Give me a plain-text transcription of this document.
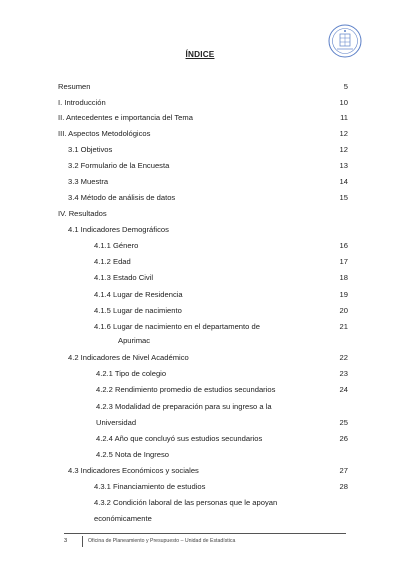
ÍNDICE
Resumen	5
I. Introducción	10
II. Antecedentes e importancia del Tema	11
III. Aspectos Metodológicos	12
3.1 Objetivos	12
3.2 Formulario de la Encuesta	13
3.3 Muestra	14
3.4 Método de análisis de datos	15
IV. Resultados
4.1 Indicadores Demográficos
4.1.1 Género	16
4.1.2 Edad	17
4.1.3 Estado Civil	18
4.1.4 Lugar de Residencia	19
4.1.5 Lugar de nacimiento	20
4.1.6 Lugar de nacimiento en el departamento de	21
Apurimac
4.2 Indicadores de Nivel Académico	22
4.2.1 Tipo de colegio	23
4.2.2 Rendimiento promedio de estudios secundarios	24
4.2.3 Modalidad de preparación para su ingreso a la
Universidad	25
4.2.4 Año que concluyó sus estudios secundarios	26
4.2.5 Nota de Ingreso
4.3 Indicadores Económicos y sociales	27
4.3.1 Financiamiento de estudios	28
4.3.2 Condición laboral de las personas que le apoyan
económicamente
3	Oficina de Planeamiento y Presupuesto – Unidad de Estadística
